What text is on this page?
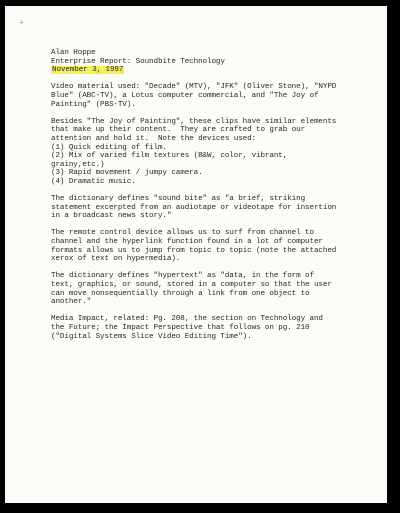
+
Alan Hoppe
Enterprise Report: Soundbite Technology
November 3, 1997

Video material used: "Decade" (MTV), "JFK" (Oliver Stone), "NYPD
Blue" (ABC-TV), a Lotus computer commercial, and "The Joy of
Painting" (PBS-TV).

Besides "The Joy of Painting", these clips have similar elements
that make up their content.  They are crafted to grab our
attention and hold it.  Note the devices used:
(1) Quick editing of film.
(2) Mix of varied film textures (B&W, color, vibrant,
grainy,etc.)
(3) Rapid movement / jumpy camera.
(4) Dramatic music.

The dictionary defines "sound bite" as "a brief, striking
statement excerpted from an audiotape or videotape for insertion
in a broadcast news story."

The remote control device allows us to surf from channel to
channel and the hyperlink function found in a lot of computer
formats allows us to jump from topic to topic (note the attached
xerox of text on hypermedia).

The dictionary defines "hypertext" as "data, in the form of
text, graphics, or sound, stored in a computer so that the user
can move nonsequentially through a link from one object to
another."

Media Impact, related: Pg. 208, the section on Technology and
the Future; the Impact Perspective that follows on pg. 210
("Digital Systems Slice Video Editing Time").
